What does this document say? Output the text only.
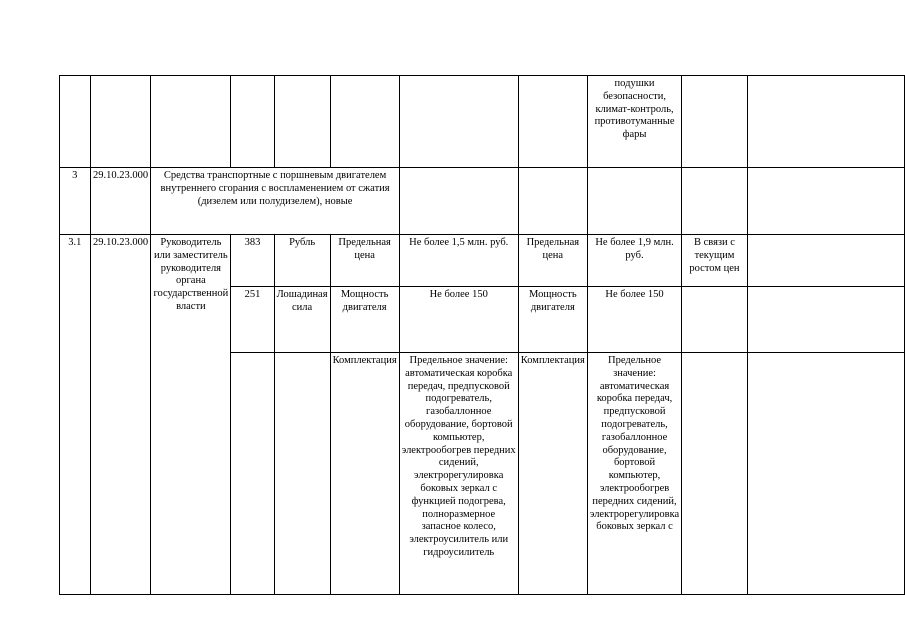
								подушки безопасности, климат-контроль, противотуманные фары		
3	29.10.23.000	Средства транспортные с поршневым двигателем внутреннего сгорания с воспламенением от сжатия (дизелем или полудизелем), новые								
3.1	29.10.23.000	Руководитель или заместитель руководителя органа государственной власти	383	Рубль	Предельная цена	Не более 1,5 млн. руб.	Предельная цена	Не более 1,9 млн. руб.	В связи с текущим ростом цен	
			251	Лошадиная сила	Мощность двигателя	Не более 150	Мощность двигателя	Не более 150		
					Комплектация	Предельное значение: автоматическая коробка передач, предпусковой подогреватель, газобаллонное оборудование, бортовой компьютер, электрообогрев передних сидений, электрорегулировка боковых зеркал с функцией подогрева, полноразмерное запасное колесо, электроусилитель или гидроусилитель	Комплектация	Предельное значение: автоматическая коробка передач, предпусковой подогреватель, газобаллонное оборудование, бортовой компьютер, электрообогрев передних сидений, электрорегулировка боковых зеркал с		
